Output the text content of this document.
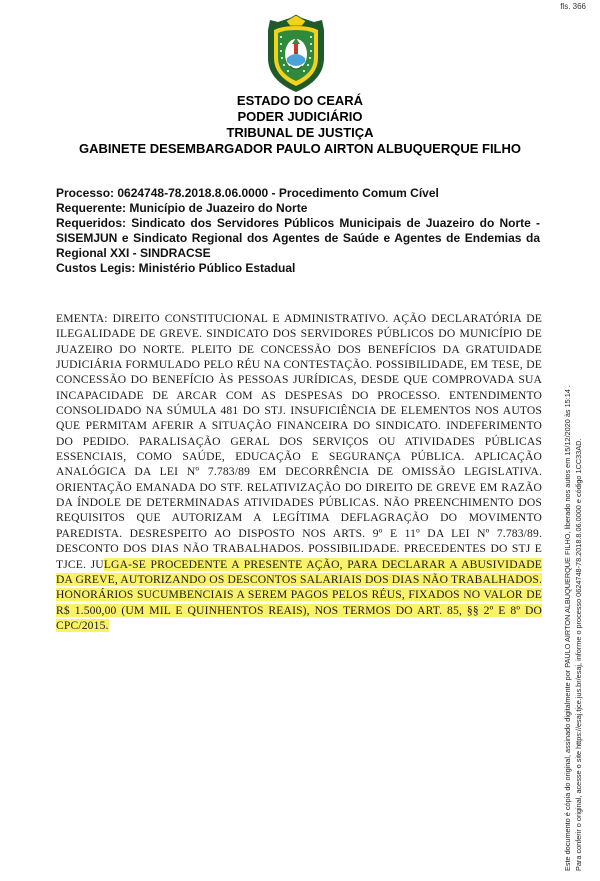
fls. 366
ESTADO DO CEARÁ
PODER JUDICIÁRIO
TRIBUNAL DE JUSTIÇA
GABINETE DESEMBARGADOR PAULO AIRTON ALBUQUERQUE FILHO

Processo: 0624748-78.2018.8.06.0000 - Procedimento Comum Cível

Requerente: Município de Juazeiro do Norte

Requeridos: Sindicato dos Servidores Públicos Municipais de Juazeiro do Norte - SISEMJUN e Sindicato Regional dos Agentes de Saúde e Agentes de Endemias da Regional XXI - SINDRACSE

Custos Legis: Ministério Público Estadual

EMENTA: DIREITO CONSTITUCIONAL E ADMINISTRATIVO. AÇÃO DECLARATÓRIA DE ILEGALIDADE DE GREVE. SINDICATO DOS SERVIDORES PÚBLICOS DO MUNICÍPIO DE JUAZEIRO DO NORTE. PLEITO DE CONCESSÃO DOS BENEFÍCIOS DA GRATUIDADE JUDICIÁRIA FORMULADO PELO RÉU NA CONTESTAÇÃO. POSSIBILIDADE, EM TESE, DE CONCESSÃO DO BENEFÍCIO ÀS PESSOAS JURÍDICAS, DESDE QUE COMPROVADA SUA INCAPACIDADE DE ARCAR COM AS DESPESAS DO PROCESSO. ENTENDIMENTO CONSOLIDADO NA SÚMULA 481 DO STJ. INSUFICIÊNCIA DE ELEMENTOS NOS AUTOS QUE PERMITAM AFERIR A SITUAÇÃO FINANCEIRA DO SINDICATO. INDEFERIMENTO DO PEDIDO. PARALISAÇÃO GERAL DOS SERVIÇOS OU ATIVIDADES PÚBLICAS ESSENCIAIS, COMO SAÚDE, EDUCAÇÃO E SEGURANÇA PÚBLICA. APLICAÇÃO ANALÓGICA DA LEI Nº 7.783/89 EM DECORRÊNCIA DE OMISSÃO LEGISLATIVA. ORIENTAÇÃO EMANADA DO STF. RELATIVIZAÇÃO DO DIREITO DE GREVE EM RAZÃO DA ÍNDOLE DE DETERMINADAS ATIVIDADES PÚBLICAS. NÃO PREENCHIMENTO DOS REQUISITOS QUE AUTORIZAM A LEGÍTIMA DEFLAGRAÇÃO DO MOVIMENTO PAREDISTA. DESRESPEITO AO DISPOSTO NOS ARTS. 9º E 11º DA LEI Nº 7.783/89. DESCONTO DOS DIAS NÃO TRABALHADOS. POSSIBILIDADE. PRECEDENTES DO STJ E TJCE. JULGA-SE PROCEDENTE A PRESENTE AÇÃO, PARA DECLARAR A ABUSIVIDADE DA GREVE, AUTORIZANDO OS DESCONTOS SALARIAIS DOS DIAS NÃO TRABALHADOS. HONORÁRIOS SUCUMBENCIAIS A SEREM PAGOS PELOS RÉUS, FIXADOS NO VALOR DE R$ 1.500,00 (UM MIL E QUINHENTOS REAIS), NOS TERMOS DO ART. 85, §§ 2º E 8º DO CPC/2015.	Este documento é cópia do original, assinado digitalmente por PAULO AIRTON ALBUQUERQUE FILHO, liberado nos autos em 15/12/2020 às 15:14 . Para conferir o original, acesse o site https://esaj.tjce.jus.br/esaj, informe o processo 0624748-78.2018.8.06.0000 e código 1CC33AD.
